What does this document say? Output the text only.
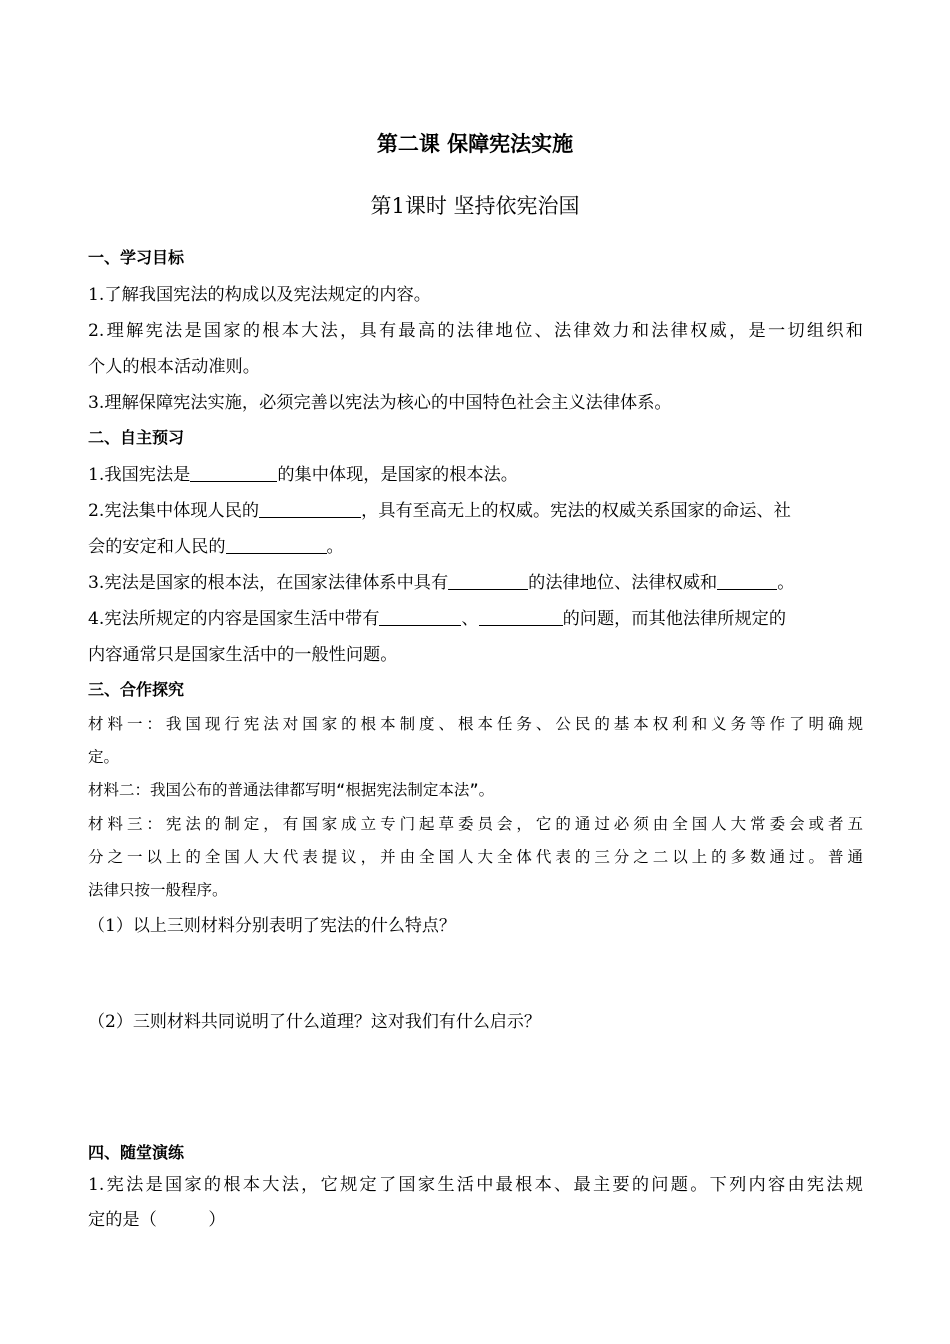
第二课 保障宪法实施
第1课时 坚持依宪治国
一、学习目标
1.了解我国宪法的构成以及宪法规定的内容。
2.理解宪法是国家的根本大法，具有最高的法律地位、法律效力和法律权威，是一切组织和
个人的根本活动准则。
3.理解保障宪法实施，必须完善以宪法为核心的中国特色社会主义法律体系。
二、自主预习
1.我国宪法是	的集中体现，是国家的根本法。
2.宪法集中体现人民的	，具有至高无上的权威。宪法的权威关系国家的命运、社
会的安定和人民的	。
3.宪法是国家的根本法，在国家法律体系中具有	的法律地位、法律权威和	。
4.宪法所规定的内容是国家生活中带有	、	的问题，而其他法律所规定的
内容通常只是国家生活中的一般性问题。
三、合作探究
材料一：我国现行宪法对国家的根本制度、根本任务、公民的基本权利和义务等作了明确规
定。
材料二：我国公布的普通法律都写明“根据宪法制定本法”。
材料三：宪法的制定，有国家成立专门起草委员会，它的通过必须由全国人大常委会或者五
分之一以上的全国人大代表提议，并由全国人大全体代表的三分之二以上的多数通过。普通
法律只按一般程序。
（1）以上三则材料分别表明了宪法的什么特点？
（2）三则材料共同说明了什么道理？这对我们有什么启示？
四、随堂演练
1.宪法是国家的根本大法，它规定了国家生活中最根本、最主要的问题。下列内容由宪法规
定的是（　　　）
